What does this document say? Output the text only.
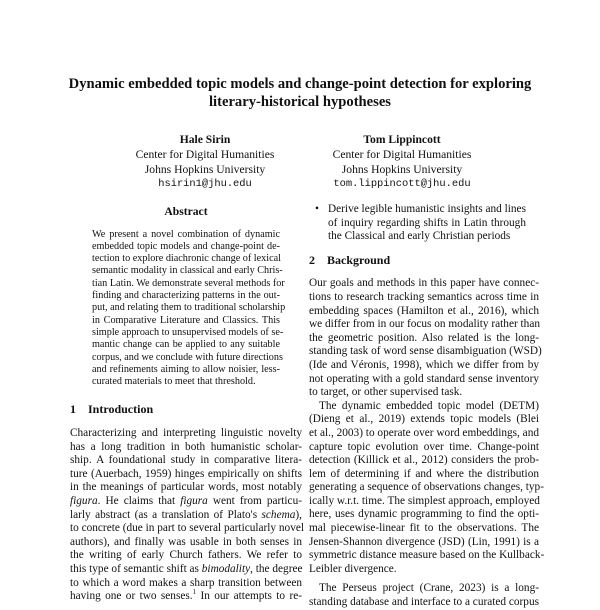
Dynamic embedded topic models and change-point detection for exploring
literary-historical hypotheses
Hale Sirin
Center for Digital Humanities
Johns Hopkins University
hsirin1@jhu.edu
Tom Lippincott
Center for Digital Humanities
Johns Hopkins University
tom.lippincott@jhu.edu
Abstract
We present a novel combination of dynamic
embedded topic models and change-point de-
tection to explore diachronic change of lexical
semantic modality in classical and early Chris-
tian Latin. We demonstrate several methods for
finding and characterizing patterns in the out-
put, and relating them to traditional scholarship
in Comparative Literature and Classics. This
simple approach to unsupervised models of se-
mantic change can be applied to any suitable
corpus, and we conclude with future directions
and refinements aiming to allow noisier, less-
curated materials to meet that threshold.
1	Introduction
Characterizing and interpreting linguistic novelty
has a long tradition in both humanistic scholar-
ship. A foundational study in comparative litera-
ture (Auerbach, 1959) hinges empirically on shifts
in the meanings of particular words, most notably
figura. He claims that figura went from particu-
larly abstract (as a translation of Plato's schema),
to concrete (due in part to several particularly novel
authors), and finally was usable in both senses in
the writing of early Church fathers. We refer to
this type of semantic shift as bimodality, the degree
to which a word makes a sharp transition between
having one or two senses.$^1$ In our attempts to re-
• Derive legible humanistic insights and lines
of inquiry regarding shifts in Latin through
the Classical and early Christian periods
2	Background
Our goals and methods in this paper have connec-
tions to research tracking semantics across time in
embedding spaces (Hamilton et al., 2016), which
we differ from in our focus on modality rather than
the geometric position. Also related is the long-
standing task of word sense disambiguation (WSD)
(Ide and Véronis, 1998), which we differ from by
not operating with a gold standard sense inventory
to target, or other supervised task.
The dynamic embedded topic model (DETM)
(Dieng et al., 2019) extends topic models (Blei
et al., 2003) to operate over word embeddings, and
capture topic evolution over time. Change-point
detection (Killick et al., 2012) considers the prob-
lem of determining if and where the distribution
generating a sequence of observations changes, typ-
ically w.r.t. time. The simplest approach, employed
here, uses dynamic programming to find the opti-
mal piecewise-linear fit to the observations. The
Jensen-Shannon divergence (JSD) (Lin, 1991) is a
symmetric distance measure based on the Kullback-
Leibler divergence.
The Perseus project (Crane, 2023) is a long-
standing database and interface to a curated corpus
